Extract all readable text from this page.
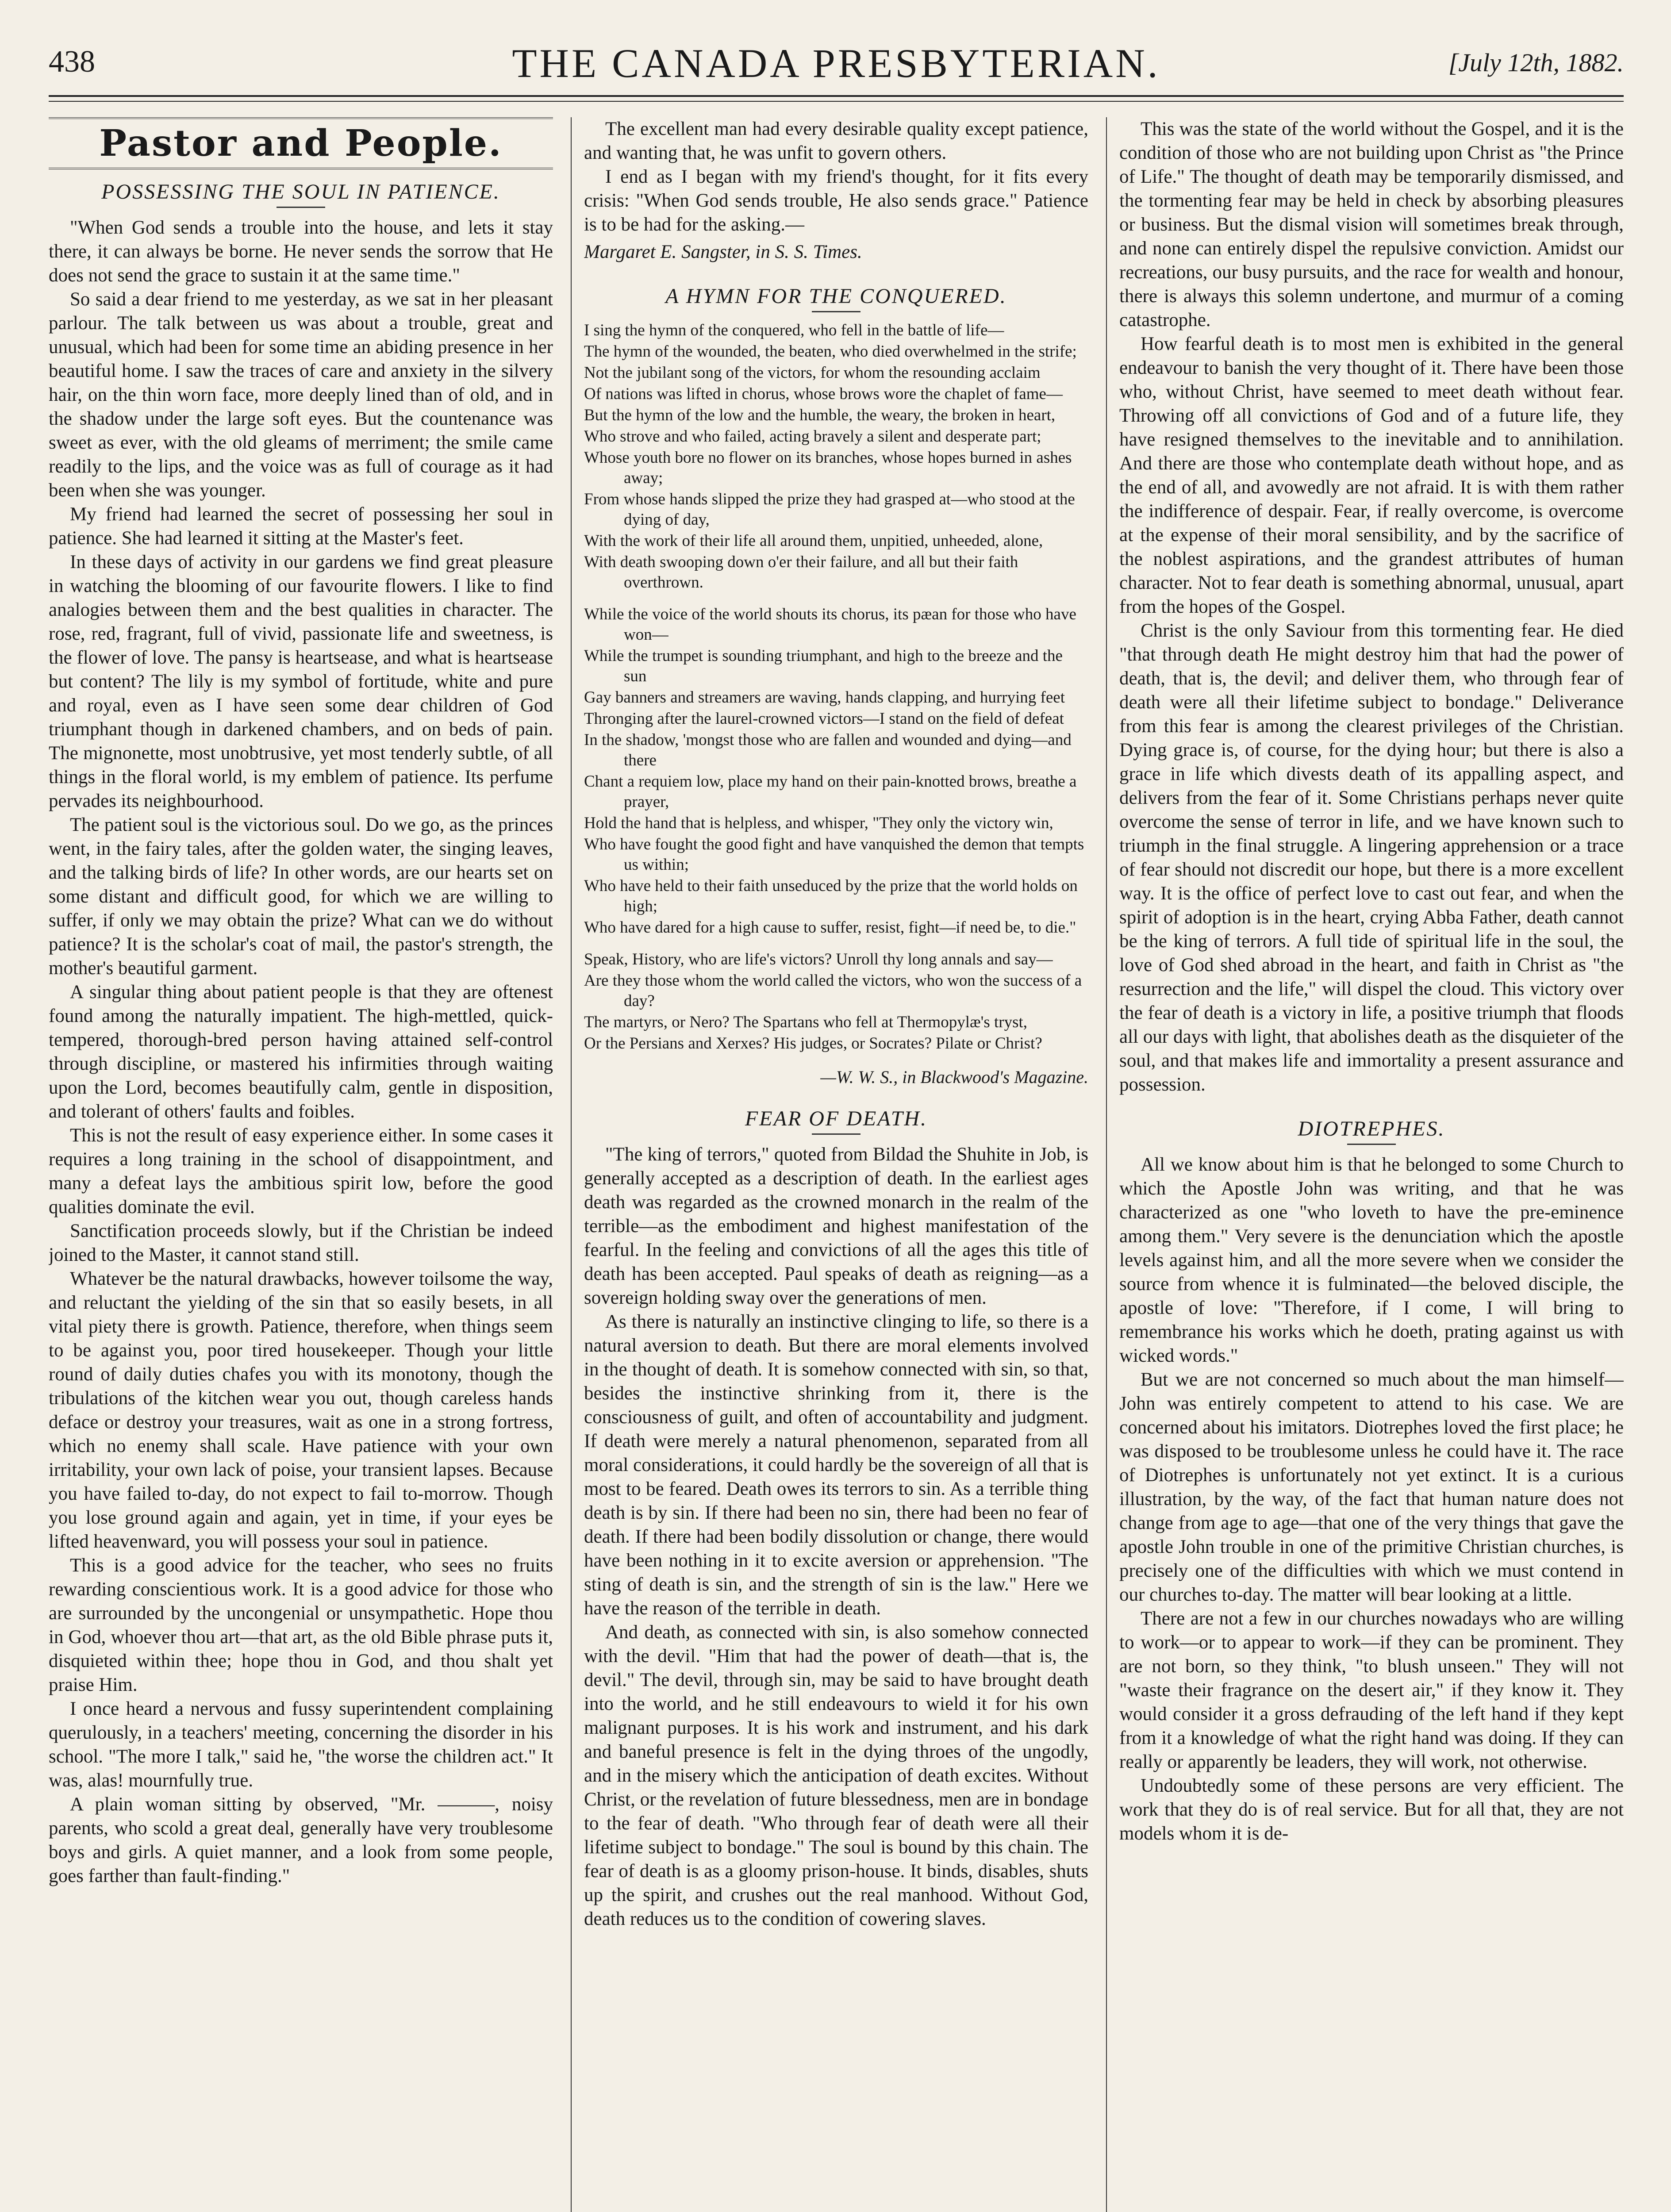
438	THE CANADA PRESBYTERIAN.	[July 12th, 1882.
Pastor and People.
POSSESSING THE SOUL IN PATIENCE.

"When God sends a trouble into the house, and lets it stay there, it can always be borne. He never sends the sorrow that He does not send the grace to sustain it at the same time."

So said a dear friend to me yesterday, as we sat in her pleasant parlour. The talk between us was about a trouble, great and unusual, which had been for some time an abiding presence in her beautiful home. I saw the traces of care and anxiety in the silvery hair, on the thin worn face, more deeply lined than of old, and in the shadow under the large soft eyes. But the countenance was sweet as ever, with the old gleams of merriment; the smile came readily to the lips, and the voice was as full of courage as it had been when she was younger.

My friend had learned the secret of possessing her soul in patience. She had learned it sitting at the Master's feet.

In these days of activity in our gardens we find great pleasure in watching the blooming of our favourite flowers. I like to find analogies between them and the best qualities in character. The rose, red, fragrant, full of vivid, passionate life and sweetness, is the flower of love. The pansy is heartsease, and what is heartsease but content? The lily is my symbol of fortitude, white and pure and royal, even as I have seen some dear children of God triumphant though in darkened chambers, and on beds of pain. The mignonette, most unobtrusive, yet most tenderly subtle, of all things in the floral world, is my emblem of patience. Its perfume pervades its neighbourhood.

The patient soul is the victorious soul. Do we go, as the princes went, in the fairy tales, after the golden water, the singing leaves, and the talking birds of life? In other words, are our hearts set on some distant and difficult good, for which we are willing to suffer, if only we may obtain the prize? What can we do without patience? It is the scholar's coat of mail, the pastor's strength, the mother's beautiful garment.

A singular thing about patient people is that they are oftenest found among the naturally impatient. The high-mettled, quick-tempered, thorough-bred person having attained self-control through discipline, or mastered his infirmities through waiting upon the Lord, becomes beautifully calm, gentle in disposition, and tolerant of others' faults and foibles.

This is not the result of easy experience either. In some cases it requires a long training in the school of disappointment, and many a defeat lays the ambitious spirit low, before the good qualities dominate the evil.

Sanctification proceeds slowly, but if the Christian be indeed joined to the Master, it cannot stand still.

Whatever be the natural drawbacks, however toilsome the way, and reluctant the yielding of the sin that so easily besets, in all vital piety there is growth. Patience, therefore, when things seem to be against you, poor tired housekeeper. Though your little round of daily duties chafes you with its monotony, though the tribulations of the kitchen wear you out, though careless hands deface or destroy your treasures, wait as one in a strong fortress, which no enemy shall scale. Have patience with your own irritability, your own lack of poise, your transient lapses. Because you have failed to-day, do not expect to fail to-morrow. Though you lose ground again and again, yet in time, if your eyes be lifted heavenward, you will possess your soul in patience.

This is a good advice for the teacher, who sees no fruits rewarding conscientious work. It is a good advice for those who are surrounded by the uncongenial or unsympathetic. Hope thou in God, whoever thou art—that art, as the old Bible phrase puts it, disquieted within thee; hope thou in God, and thou shalt yet praise Him.

I once heard a nervous and fussy superintendent complaining querulously, in a teachers' meeting, concerning the disorder in his school. "The more I talk," said he, "the worse the children act." It was, alas! mournfully true.

A plain woman sitting by observed, "Mr. ———, noisy parents, who scold a great deal, generally have very troublesome boys and girls. A quiet manner, and a look from some people, goes farther than fault-finding."

The excellent man had every desirable quality except patience, and wanting that, he was unfit to govern others.

I end as I began with my friend's thought, for it fits every crisis: "When God sends trouble, He also sends grace." Patience is to be had for the asking.—

Margaret E. Sangster, in S. S. Times.

A HYMN FOR THE CONQUERED.
I sing the hymn of the conquered, who fell in the battle of life—
The hymn of the wounded, the beaten, who died overwhelmed in the strife;
Not the jubilant song of the victors, for whom the resounding acclaim
Of nations was lifted in chorus, whose brows wore the chaplet of fame—
But the hymn of the low and the humble, the weary, the broken in heart,
Who strove and who failed, acting bravely a silent and desperate part;
Whose youth bore no flower on its branches, whose hopes burned in ashes away;
From whose hands slipped the prize they had grasped at—who stood at the dying of day,
With the work of their life all around them, unpitied, unheeded, alone,
With death swooping down o'er their failure, and all but their faith overthrown.
While the voice of the world shouts its chorus, its pæan for those who have won—
While the trumpet is sounding triumphant, and high to the breeze and the sun
Gay banners and streamers are waving, hands clapping, and hurrying feet
Thronging after the laurel-crowned victors—I stand on the field of defeat
In the shadow, 'mongst those who are fallen and wounded and dying—and there
Chant a requiem low, place my hand on their pain-knotted brows, breathe a prayer,
Hold the hand that is helpless, and whisper, "They only the victory win,
Who have fought the good fight and have vanquished the demon that tempts us within;
Who have held to their faith unseduced by the prize that the world holds on high;
Who have dared for a high cause to suffer, resist, fight—if need be, to die."
Speak, History, who are life's victors? Unroll thy long annals and say—
Are they those whom the world called the victors, who won the success of a day?
The martyrs, or Nero? The Spartans who fell at Thermopylæ's tryst,
Or the Persians and Xerxes? His judges, or Socrates? Pilate or Christ?
—W. W. S., in Blackwood's Magazine.
FEAR OF DEATH.

"The king of terrors," quoted from Bildad the Shuhite in Job, is generally accepted as a description of death. In the earliest ages death was regarded as the crowned monarch in the realm of the terrible—as the embodiment and highest manifestation of the fearful. In the feeling and convictions of all the ages this title of death has been accepted. Paul speaks of death as reigning—as a sovereign holding sway over the generations of men.

As there is naturally an instinctive clinging to life, so there is a natural aversion to death. But there are moral elements involved in the thought of death. It is somehow connected with sin, so that, besides the instinctive shrinking from it, there is the consciousness of guilt, and often of accountability and judgment. If death were merely a natural phenomenon, separated from all moral considerations, it could hardly be the sovereign of all that is most to be feared. Death owes its terrors to sin. As a terrible thing death is by sin. If there had been no sin, there had been no fear of death. If there had been bodily dissolution or change, there would have been nothing in it to excite aversion or apprehension. "The sting of death is sin, and the strength of sin is the law." Here we have the reason of the terrible in death.

And death, as connected with sin, is also somehow connected with the devil. "Him that had the power of death—that is, the devil." The devil, through sin, may be said to have brought death into the world, and he still endeavours to wield it for his own malignant purposes. It is his work and instrument, and his dark and baneful presence is felt in the dying throes of the ungodly, and in the misery which the anticipation of death excites. Without Christ, or the revelation of future blessedness, men are in bondage to the fear of death. "Who through fear of death were all their lifetime subject to bondage." The soul is bound by this chain. The fear of death is as a gloomy prison-house. It binds, disables, shuts up the spirit, and crushes out the real manhood. Without God, death reduces us to the condition of cowering slaves.

This was the state of the world without the Gospel, and it is the condition of those who are not building upon Christ as "the Prince of Life." The thought of death may be temporarily dismissed, and the tormenting fear may be held in check by absorbing pleasures or business. But the dismal vision will sometimes break through, and none can entirely dispel the repulsive conviction. Amidst our recreations, our busy pursuits, and the race for wealth and honour, there is always this solemn undertone, and murmur of a coming catastrophe.

How fearful death is to most men is exhibited in the general endeavour to banish the very thought of it. There have been those who, without Christ, have seemed to meet death without fear. Throwing off all convictions of God and of a future life, they have resigned themselves to the inevitable and to annihilation. And there are those who contemplate death without hope, and as the end of all, and avowedly are not afraid. It is with them rather the indifference of despair. Fear, if really overcome, is overcome at the expense of their moral sensibility, and by the sacrifice of the noblest aspirations, and the grandest attributes of human character. Not to fear death is something abnormal, unusual, apart from the hopes of the Gospel.

Christ is the only Saviour from this tormenting fear. He died "that through death He might destroy him that had the power of death, that is, the devil; and deliver them, who through fear of death were all their lifetime subject to bondage." Deliverance from this fear is among the clearest privileges of the Christian. Dying grace is, of course, for the dying hour; but there is also a grace in life which divests death of its appalling aspect, and delivers from the fear of it. Some Christians perhaps never quite overcome the sense of terror in life, and we have known such to triumph in the final struggle. A lingering apprehension or a trace of fear should not discredit our hope, but there is a more excellent way. It is the office of perfect love to cast out fear, and when the spirit of adoption is in the heart, crying Abba Father, death cannot be the king of terrors. A full tide of spiritual life in the soul, the love of God shed abroad in the heart, and faith in Christ as "the resurrection and the life," will dispel the cloud. This victory over the fear of death is a victory in life, a positive triumph that floods all our days with light, that abolishes death as the disquieter of the soul, and that makes life and immortality a present assurance and possession.

DIOTREPHES.

All we know about him is that he belonged to some Church to which the Apostle John was writing, and that he was characterized as one "who loveth to have the pre-eminence among them." Very severe is the denunciation which the apostle levels against him, and all the more severe when we consider the source from whence it is fulminated—the beloved disciple, the apostle of love: "Therefore, if I come, I will bring to remembrance his works which he doeth, prating against us with wicked words."

But we are not concerned so much about the man himself—John was entirely competent to attend to his case. We are concerned about his imitators. Diotrephes loved the first place; he was disposed to be troublesome unless he could have it. The race of Diotrephes is unfortunately not yet extinct. It is a curious illustration, by the way, of the fact that human nature does not change from age to age—that one of the very things that gave the apostle John trouble in one of the primitive Christian churches, is precisely one of the difficulties with which we must contend in our churches to-day. The matter will bear looking at a little.

There are not a few in our churches nowadays who are willing to work—or to appear to work—if they can be prominent. They are not born, so they think, "to blush unseen." They will not "waste their fragrance on the desert air," if they know it. They would consider it a gross defrauding of the left hand if they kept from it a knowledge of what the right hand was doing. If they can really or apparently be leaders, they will work, not otherwise.

Undoubtedly some of these persons are very efficient. The work that they do is of real service. But for all that, they are not models whom it is de-
